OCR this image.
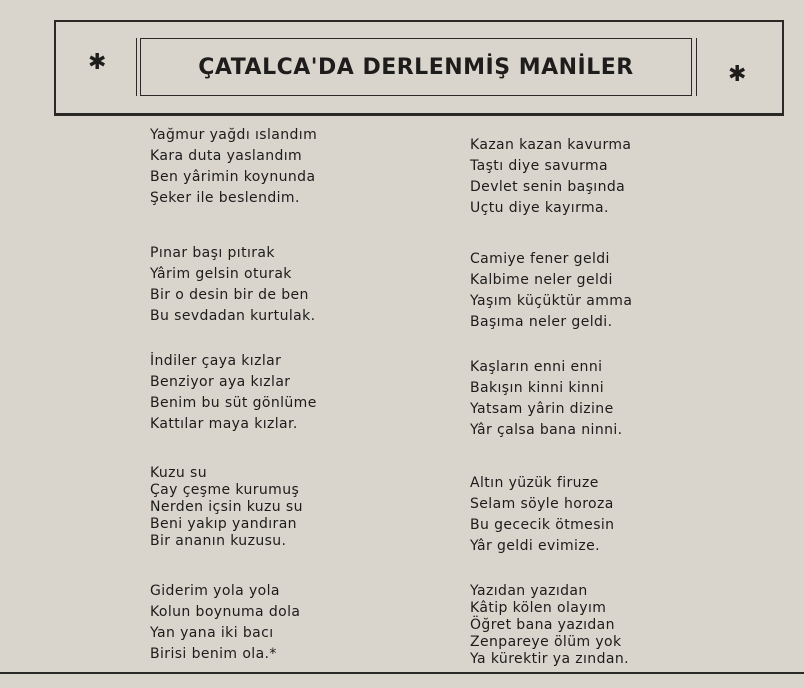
✱	ÇATALCA'DA DERLENMİŞ MANİLER	✱
Yağmur yağdı ıslandım
Kara duta yaslandım
Ben yârimin koynunda
Şeker ile beslendim.
Pınar başı pıtırak
Yârim gelsin oturak
Bir o desin bir de ben
Bu sevdadan kurtulak.
İndiler çaya kızlar
Benziyor aya kızlar
Benim bu süt gönlüme
Kattılar maya kızlar.
Kuzu su
Çay çeşme kurumuş
Nerden içsin kuzu su
Beni yakıp yandıran
Bir ananın kuzusu.
Giderim yola yola
Kolun boynuma dola
Yan yana iki bacı
Birisi benim ola.*
Kazan kazan kavurma
Taştı diye savurma
Devlet senin başında
Uçtu diye kayırma.
Camiye fener geldi
Kalbime neler geldi
Yaşım küçüktür amma
Başıma neler geldi.
Kaşların enni enni
Bakışın kinni kinni
Yatsam yârin dizine
Yâr çalsa bana ninni.
Altın yüzük firuze
Selam söyle horoza
Bu gececik ötmesin
Yâr geldi evimize.
Yazıdan yazıdan
Kâtip kölen olayım
Öğret bana yazıdan
Zenpareye ölüm yok
Ya kürektir ya zından.
